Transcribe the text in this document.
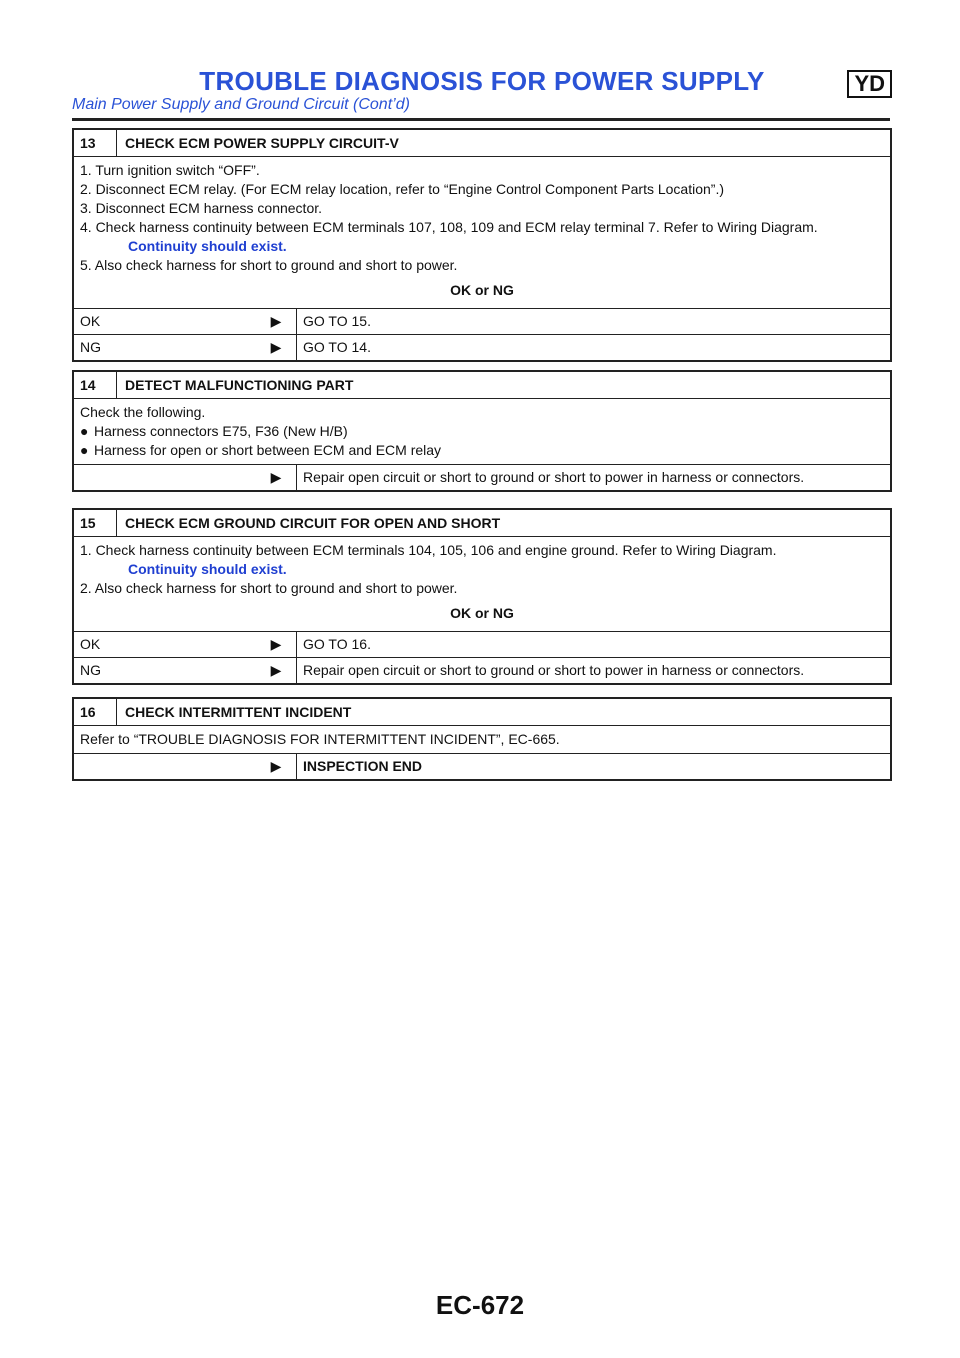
TROUBLE DIAGNOSIS FOR POWER SUPPLY	YD
Main Power Supply and Ground Circuit (Cont’d)
13	CHECK ECM POWER SUPPLY CIRCUIT-V
1. Turn ignition switch “OFF”.
2. Disconnect ECM relay. (For ECM relay location, refer to “Engine Control Component Parts Location”.)
3. Disconnect ECM harness connector.
4. Check harness continuity between ECM terminals 107, 108, 109 and ECM relay terminal 7. Refer to Wiring Diagram.
Continuity should exist.
5. Also check harness for short to ground and short to power.
OK or NG
OK	▶	GO TO 15.
NG	▶	GO TO 14.
14	DETECT MALFUNCTIONING PART
Check the following.
● Harness connectors E75, F36 (New H/B)
● Harness for open or short between ECM and ECM relay
▶	Repair open circuit or short to ground or short to power in harness or connectors.
15	CHECK ECM GROUND CIRCUIT FOR OPEN AND SHORT
1. Check harness continuity between ECM terminals 104, 105, 106 and engine ground. Refer to Wiring Diagram.
Continuity should exist.
2. Also check harness for short to ground and short to power.
OK or NG
OK	▶	GO TO 16.
NG	▶	Repair open circuit or short to ground or short to power in harness or connectors.
16	CHECK INTERMITTENT INCIDENT
Refer to “TROUBLE DIAGNOSIS FOR INTERMITTENT INCIDENT”, EC-665.
▶	INSPECTION END
EC-672
